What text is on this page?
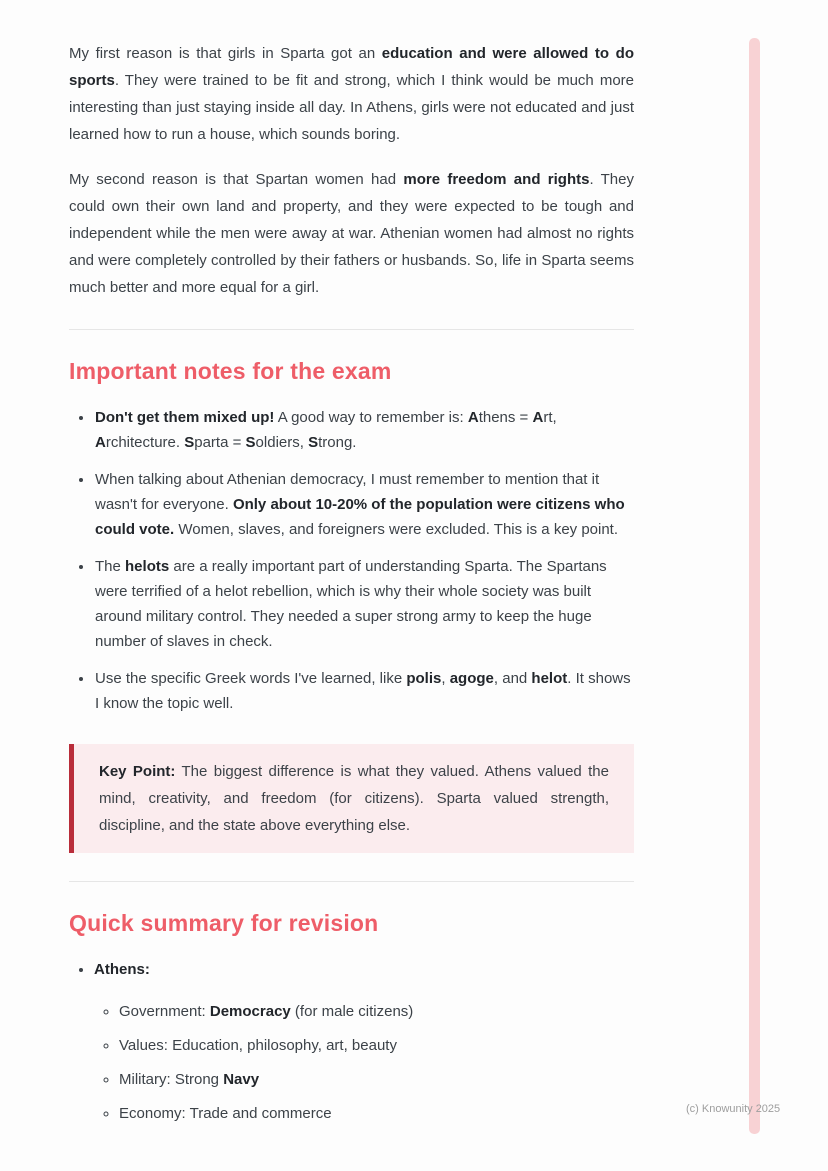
My first reason is that girls in Sparta got an education and were allowed to do sports. They were trained to be fit and strong, which I think would be much more interesting than just staying inside all day. In Athens, girls were not educated and just learned how to run a house, which sounds boring.

My second reason is that Spartan women had more freedom and rights. They could own their own land and property, and they were expected to be tough and independent while the men were away at war. Athenian women had almost no rights and were completely controlled by their fathers or husbands. So, life in Sparta seems much better and more equal for a girl.

Important notes for the exam
• Don't get them mixed up! A good way to remember is: Athens = Art, Architecture. Sparta = Soldiers, Strong.
• When talking about Athenian democracy, I must remember to mention that it wasn't for everyone. Only about 10-20% of the population were citizens who could vote. Women, slaves, and foreigners were excluded. This is a key point.
• The helots are a really important part of understanding Sparta. The Spartans were terrified of a helot rebellion, which is why their whole society was built around military control. They needed a super strong army to keep the huge number of slaves in check.
• Use the specific Greek words I've learned, like polis, agoge, and helot. It shows I know the topic well.

Key Point: The biggest difference is what they valued. Athens valued the mind, creativity, and freedom (for citizens). Sparta valued strength, discipline, and the state above everything else.

Quick summary for revision
• Athens:
◦ Government: Democracy (for male citizens)
◦ Values: Education, philosophy, art, beauty
◦ Military: Strong Navy
◦ Economy: Trade and commerce	(c) Knowunity 2025
